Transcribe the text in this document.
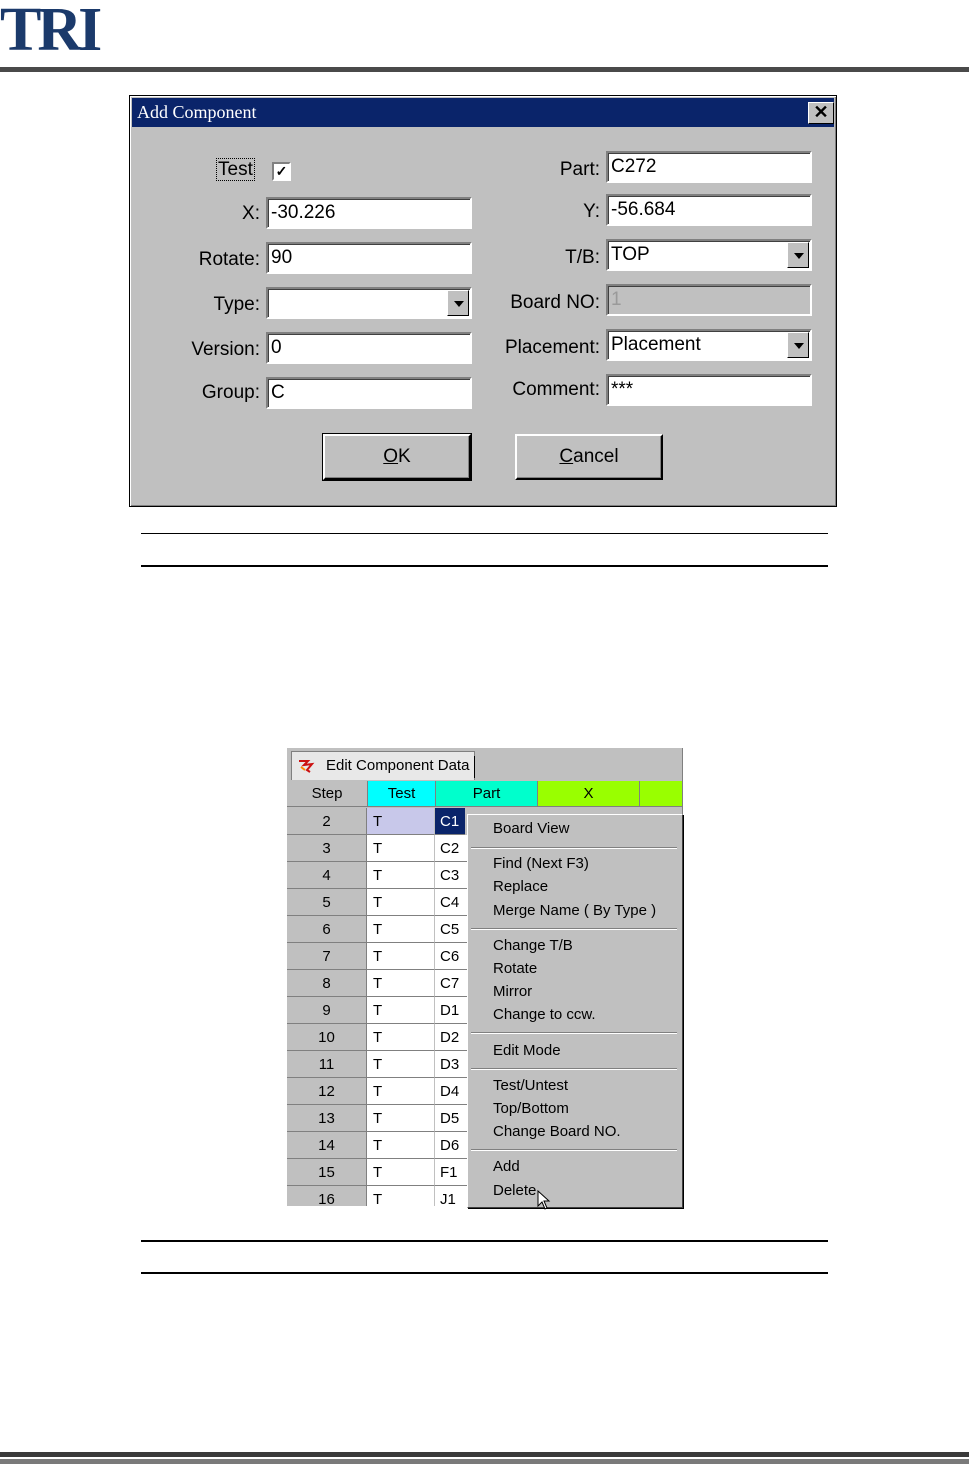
TRI
Add Component	✕
Test ✓
X: -30.226
Rotate: 90
Type:
Version: 0
Group: C
Part: C272
Y: -56.684
T/B: TOP
Board NO: 1
Placement: Placement
Comment: ***
OK	Cancel
Edit Component Data
Step	Test	Part	X
2	T	C1
3	T	C2
4	T	C3
5	T	C4
6	T	C5
7	T	C6
8	T	C7
9	T	D1
10	T	D2
11	T	D3
12	T	D4
13	T	D5
14	T	D6
15	T	F1
16	T	J1
Board View
Find (Next F3)
Replace
Merge Name ( By Type )
Change T/B
Rotate
Mirror
Change to ccw.
Edit Mode
Test/Untest
Top/Bottom
Change Board NO.
Add
Delete
